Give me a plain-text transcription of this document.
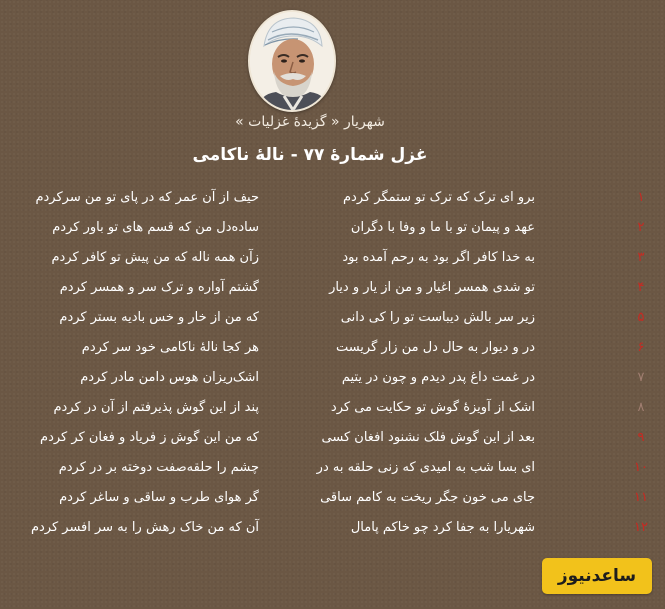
شهریار « گزیدهٔ غزلیات »
غزل شمارهٔ ۷۷ - نالهٔ ناکامی
۱
برو ای ترک که ترک تو ستمگر کردم
حیف از آن عمر که در پای تو من سرکردم
۲
عهد و پیمان تو با ما و وفا با دگران
ساده‌دل من که قسم های تو باور کردم
۳
به خدا کافر اگر بود به رحم آمده بود
زآن همه ناله که من پیش تو کافر کردم
۴
تو شدی همسر اغیار و من از یار و دیار
گشتم آواره و ترک سر و همسر کردم
۵
زیر سر بالش دیباست تو را کی دانی
که من از خار و خس بادیه بستر کردم
۶
در و دیوار به حال دل من زار گریست
هر کجا نالهٔ ناکامی خود سر کردم
۷
در غمت داغ پدر دیدم و چون در یتیم
اشک‌ریزان هوس دامن مادر کردم
۸
اشک از آویزهٔ گوش تو حکایت می کرد
پند از این گوش پذیرفتم از آن در کردم
۹
بعد از این گوش فلک نشنود افغان کسی
که من این گوش ز فریاد و فغان کر کردم
۱۰
ای بسا شب به امیدی که زنی حلقه به در
چشم را حلقه‌صفت دوخته بر در کردم
۱۱
جای می خون جگر ریخت به کامم ساقی
گر هوای طرب و ساقی و ساغر کردم
۱۲
شهریارا به جفا کرد چو خاکم پامال
آن که من خاک رهش را به سر افسر کردم
ساعدنیوز
